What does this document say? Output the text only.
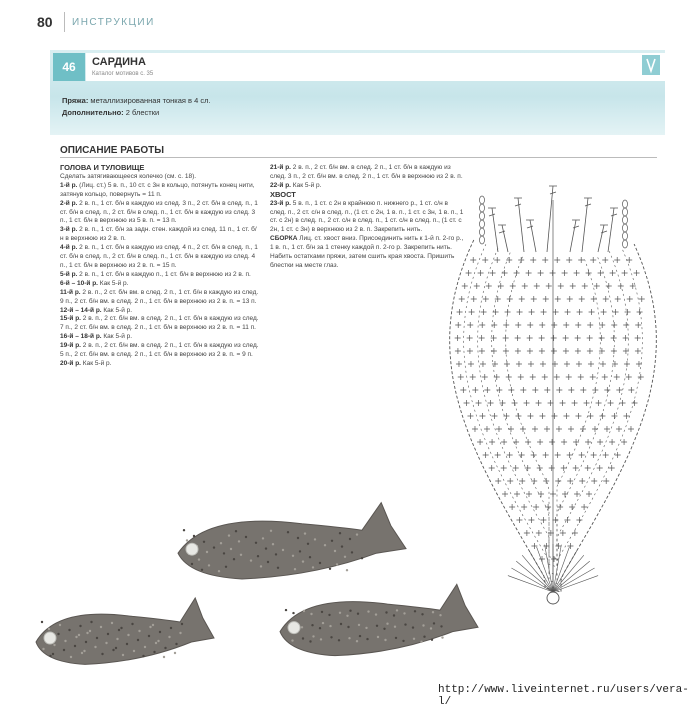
80 ИНСТРУКЦИИ
46	САРДИНА
Каталог мотивов с. 35
Пряжа: металлизированная тонкая в 4 сл.
Дополнительно: 2 блестки
ОПИСАНИЕ РАБОТЫ
ГОЛОВА И ТУЛОВИЩЕ
Сделать затягивающееся колечко (см. с. 18).
1-й р. (Лиц. ст.) 5 в. п., 10 ст. с 3н в кольцо, потянуть конец нити, затянув кольцо, повернуть = 11 п.
2-й р. 2 в. п., 1 ст. б/н в каждую из след. 3 п., 2 ст. б/н в след. п., 1 ст. б/н в след. п., 2 ст. б/н в след. п., 1 ст. б/н в каждую из след. 3 п., 1 ст. б/н в верхнюю из 5 в. п. = 13 п.
3-й р. 2 в. п., 1 ст. б/н за задн. стен. каждой из след. 11 п., 1 ст. б/н в верхнюю из 2 в. п.
4-й р. 2 в. п., 1 ст. б/н в каждую из след. 4 п., 2 ст. б/н в след. п., 1 ст. б/н в след. п., 2 ст. б/н в след. п., 1 ст. б/н в каждую из след. 4 п., 1 ст. б/н в верхнюю из 2 в. п. = 15 п.
5-й р. 2 в. п., 1 ст. б/н в каждую п., 1 ст. б/н в верхнюю из 2 в. п.
6-й – 10-й р. Как 5-й р.
11-й р. 2 в. п., 2 ст. б/н вм. в след. 2 п., 1 ст. б/н в каждую из след. 9 п., 2 ст. б/н вм. в след. 2 п., 1 ст. б/н в верхнюю из 2 в. п. = 13 п.
12-й – 14-й р. Как 5-й р.
15-й р. 2 в. п., 2 ст. б/н вм. в след. 2 п., 1 ст. б/н в каждую из след. 7 п., 2 ст. б/н вм. в след. 2 п., 1 ст. б/н в верхнюю из 2 в. п. = 11 п.
16-й – 18-й р. Как 5-й р.
19-й р. 2 в. п., 2 ст. б/н вм. в след. 2 п., 1 ст. б/н в каждую из след. 5 п., 2 ст. б/н вм. в след. 2 п., 1 ст. б/н в верхнюю из 2 в. п. = 9 п.
20-й р. Как 5-й р.
21-й р. 2 в. п., 2 ст. б/н вм. в след. 2 п., 1 ст. б/н в каждую из след. 3 п., 2 ст. б/н вм. в след. 2 п., 1 ст. б/н в верхнюю из 2 в. п.
22-й р. Как 5-й р.
ХВОСТ
23-й р. 5 в. п., 1 ст. с 2н в крайнюю п. нижнего р., 1 ст. с/н в след. п., 2 ст. с/н в след. п., (1 ст. с 2н, 1 в. п., 1 ст. с 3н, 1 в. п., 1 ст. с 2н) в след. п., 2 ст. с/н в след. п., 1 ст. с/н в след. п., (1 ст. с 2н, 1 ст. с 3н) в верхнюю из 2 в. п. Закрепить нить.
СБОРКА Лиц. ст. хвост вниз. Присоединить нить к 1-й п. 2-го р., 1 в. п., 1 ст. б/н за 1 стенку каждой п. 2-го р. Закрепить нить. Набить остатками пряжи, затем сшить края хвоста. Пришить блестки на месте глаз.
http://www.liveinternet.ru/users/vera-l/
